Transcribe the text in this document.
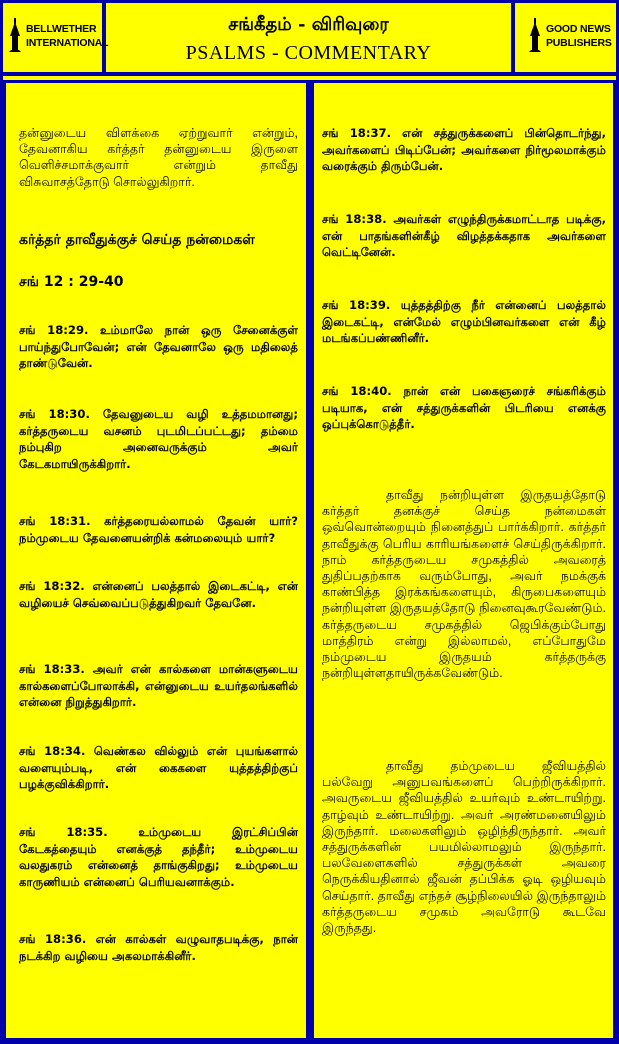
BELLWETHER
INTERNATIONAL
சங்கீதம் - விரிவுரை
PSALMS - COMMENTARY
GOOD NEWS
PUBLISHERS
தன்னுடைய விளக்கை ஏற்றுவார் என்றும், தேவனாகிய கர்த்தர் தன்னுடைய இருளை வெளிச்சமாக்குவார் என்றும் தாவீது விசுவாசத்தோடு சொல்லுகிறார்.
கர்த்தர் தாவீதுக்குச் செய்த நன்மைகள்
சங் 12 : 29-40
சங் 18:29. உம்மாலே நான் ஒரு சேனைக்குள் பாய்ந்துபோவேன்; என் தேவனாலே ஒரு மதிலைத் தாண்டுவேன்.
சங் 18:30. தேவனுடைய வழி உத்தமமானது; கர்த்தருடைய வசனம் புடமிடப்பட்டது; தம்மை நம்புகிற அனைவருக்கும் அவர் கேடகமாயிருக்கிறார்.
சங் 18:31. கர்த்தரையல்லாமல் தேவன் யார்? நம்முடைய தேவனையன்றிக் கன்மலையும் யார்?
சங் 18:32. என்னைப் பலத்தால் இடைகட்டி, என் வழியைச் செவ்வைப்படுத்துகிறவர் தேவனே.
சங் 18:33. அவர் என் கால்களை மான்களுடைய கால்களைப்போலாக்கி, என்னுடைய உயர்தலங்களில் என்னை நிறுத்துகிறார்.
சங் 18:34. வெண்கல வில்லும் என் புயங்களால் வளையும்படி, என் கைகளை யுத்தத்திற்குப் பழக்குவிக்கிறார்.
சங் 18:35. உம்முடைய இரட்சிப்பின் கேடகத்தையும் எனக்குத் தந்தீர்; உம்முடைய வலதுகரம் என்னைத் தாங்குகிறது; உம்முடைய காருணியம் என்னைப் பெரியவனாக்கும்.
சங் 18:36. என் கால்கள் வழுவாதபடிக்கு, நான் நடக்கிற வழியை அகலமாக்கினீர்.
சங் 18:37. என் சத்துருக்களைப் பின்தொடர்ந்து, அவர்களைப் பிடிப்பேன்; அவர்களை நிர்மூலமாக்கும் வரைக்கும் திரும்பேன்.
சங் 18:38. அவர்கள் எழுந்திருக்கமாட்டாத படிக்கு, என் பாதங்களின்கீழ் விழத்தக்கதாக அவர்களை வெட்டினேன்.
சங் 18:39. யுத்தத்திற்கு நீர் என்னைப் பலத்தால் இடைகட்டி, என்மேல் எழும்பினவர்களை என் கீழ் மடங்கப்பண்ணினீர்.
சங் 18:40. நான் என் பகைஞரைச் சங்கரிக்கும் படியாக, என் சத்துருக்களின் பிடரியை எனக்கு ஒப்புக்கொடுத்தீர்.
தாவீது நன்றியுள்ள இருதயத்தோடு கர்த்தர் தனக்குச் செய்த நன்மைகள் ஒவ்வொன்றையும் நினைத்துப் பார்க்கிறார். கர்த்தர் தாவீதுக்கு பெரிய காரியங்களைச் செய்திருக்கிறார். நாம் கர்த்தருடைய சமுகத்தில் அவரைத் துதிப்பதற்காக வரும்போது, அவர் நமக்குக் காண்பித்த இரக்கங்களையும், கிருபைகளையும் நன்றியுள்ள இருதயத்தோடு நினைவுகூரவேண்டும். கர்த்தருடைய சமுகத்தில் ஜெபிக்கும்போது மாத்திரம் என்று இல்லாமல், எப்போதுமே நம்முடைய இருதயம் கர்த்தருக்கு நன்றியுள்ளதாயிருக்கவேண்டும்.
தாவீது தம்முடைய ஜீவியத்தில் பல்வேறு அனுபவங்களைப் பெற்றிருக்கிறார். அவருடைய ஜீவியத்தில் உயர்வும் உண்டாயிற்று. தாழ்வும் உண்டாயிற்று. அவர் அரண்மனையிலும் இருந்தார். மலைகளிலும் ஒழிந்திருந்தார். அவர் சத்துருக்களின் பயமில்லாமலும் இருந்தார். பலவேளைகளில் சத்துருக்கள் அவரை நெருக்கியதினால் ஜீவன் தப்பிக்க ஓடி ஒழியவும் செய்தார். தாவீது எந்தச் சூழ்நிலையில் இருந்தாலும் கர்த்தருடைய சமுகம் அவரோடு கூடவே இருந்தது.
